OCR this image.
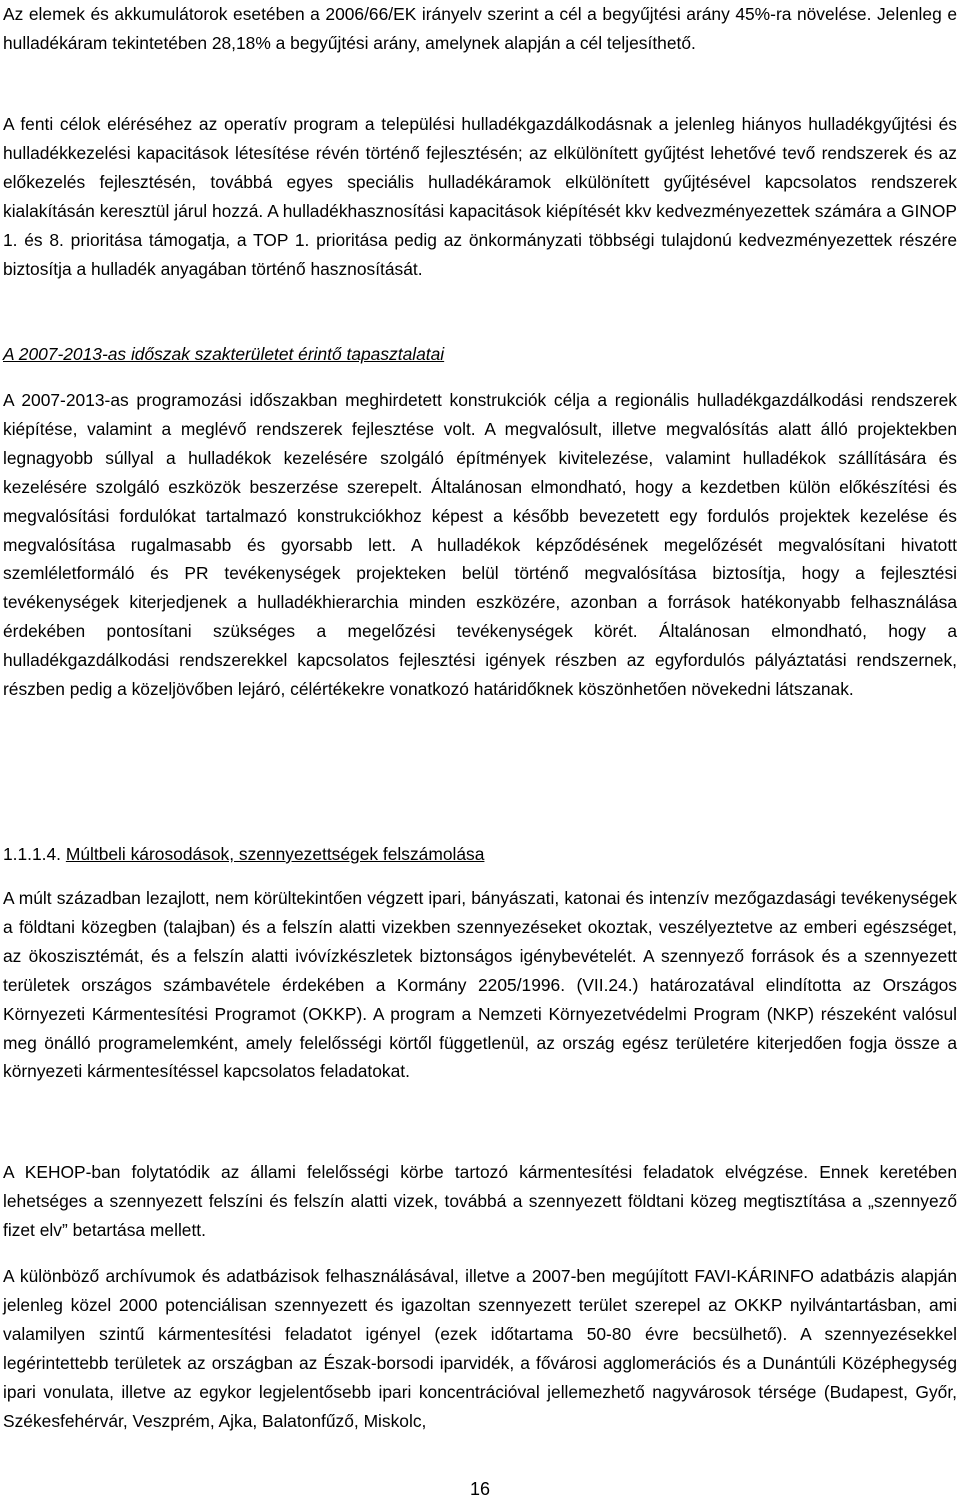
Az elemek és akkumulátorok esetében a 2006/66/EK irányelv szerint a cél a begyűjtési arány 45%-ra növelése. Jelenleg e hulladékáram tekintetében 28,18% a begyűjtési arány, amelynek alapján a cél teljesíthető.

A fenti célok eléréséhez az operatív program a települési hulladékgazdálkodásnak a jelenleg hiányos hulladékgyűjtési és hulladékkezelési kapacitások létesítése révén történő fejlesztésén; az elkülönített gyűjtést lehetővé tevő rendszerek és az előkezelés fejlesztésén, továbbá egyes speciális hulladékáramok elkülönített gyűjtésével kapcsolatos rendszerek kialakításán keresztül járul hozzá. A hulladékhasznosítási kapacitások kiépítését kkv kedvezményezettek számára a GINOP 1. és 8. prioritása támogatja, a TOP 1. prioritása pedig az önkormányzati többségi tulajdonú kedvezményezettek részére biztosítja a hulladék anyagában történő hasznosítását.

A 2007-2013-as időszak szakterületet érintő tapasztalatai

A 2007-2013-as programozási időszakban meghirdetett konstrukciók célja a regionális hulladékgazdálkodási rendszerek kiépítése, valamint a meglévő rendszerek fejlesztése volt. A megvalósult, illetve megvalósítás alatt álló projektekben legnagyobb súllyal a hulladékok kezelésére szolgáló építmények kivitelezése, valamint hulladékok szállítására és kezelésére szolgáló eszközök beszerzése szerepelt. Általánosan elmondható, hogy a kezdetben külön előkészítési és megvalósítási fordulókat tartalmazó konstrukciókhoz képest a később bevezetett egy fordulós projektek kezelése és megvalósítása rugalmasabb és gyorsabb lett. A hulladékok képződésének megelőzését megvalósítani hivatott szemléletformáló és PR tevékenységek projekteken belül történő megvalósítása biztosítja, hogy a fejlesztési tevékenységek kiterjedjenek a hulladékhierarchia minden eszközére, azonban a források hatékonyabb felhasználása érdekében pontosítani szükséges a megelőzési tevékenységek körét. Általánosan elmondható, hogy a hulladékgazdálkodási rendszerekkel kapcsolatos fejlesztési igények részben az egyfordulós pályáztatási rendszernek, részben pedig a közeljövőben lejáró, célértékekre vonatkozó határidőknek köszönhetően növekedni látszanak.

1.1.1.4. Múltbeli károsodások, szennyezettségek felszámolása

A múlt században lezajlott, nem körültekintően végzett ipari, bányászati, katonai és intenzív mezőgazdasági tevékenységek a földtani közegben (talajban) és a felszín alatti vizekben szennyezéseket okoztak, veszélyeztetve az emberi egészséget, az ökoszisztémát, és a felszín alatti ivóvízkészletek biztonságos igénybevételét. A szennyező források és a szennyezett területek országos számbavétele érdekében a Kormány 2205/1996. (VII.24.) határozatával elindította az Országos Környezeti Kármentesítési Programot (OKKP). A program a Nemzeti Környezetvédelmi Program (NKP) részeként valósul meg önálló programelemként, amely felelősségi körtől függetlenül, az ország egész területére kiterjedően fogja össze a környezeti kármentesítéssel kapcsolatos feladatokat.

A KEHOP-ban folytatódik az állami felelősségi körbe tartozó kármentesítési feladatok elvégzése. Ennek keretében lehetséges a szennyezett felszíni és felszín alatti vizek, továbbá a szennyezett földtani közeg megtisztítása a „szennyező fizet elv” betartása mellett.

A különböző archívumok és adatbázisok felhasználásával, illetve a 2007-ben megújított FAVI-KÁRINFO adatbázis alapján jelenleg közel 2000 potenciálisan szennyezett és igazoltan szennyezett terület szerepel az OKKP nyilvántartásban, ami valamilyen szintű kármentesítési feladatot igényel (ezek időtartama 50-80 évre becsülhető). A szennyezésekkel legérintettebb területek az országban az Észak-borsodi iparvidék, a fővárosi agglomerációs és a Dunántúli Középhegység ipari vonulata, illetve az egykor legjelentősebb ipari koncentrációval jellemezhető nagyvárosok térsége (Budapest, Győr, Székesfehérvár, Veszprém, Ajka, Balatonfűző, Miskolc,

16
